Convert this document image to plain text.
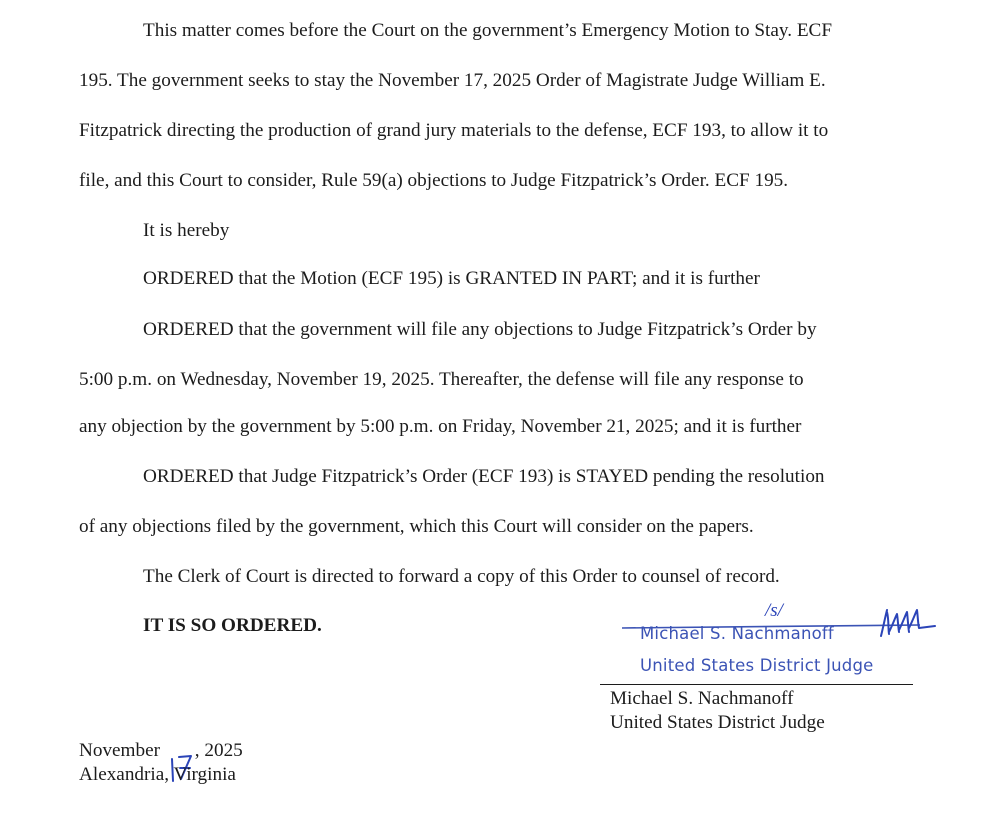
This matter comes before the Court on the government’s Emergency Motion to Stay. ECF
195. The government seeks to stay the November 17, 2025 Order of Magistrate Judge William E.
Fitzpatrick directing the production of grand jury materials to the defense, ECF 193, to allow it to
file, and this Court to consider, Rule 59(a) objections to Judge Fitzpatrick’s Order. ECF 195.
It is hereby
ORDERED that the Motion (ECF 195) is GRANTED IN PART; and it is further
ORDERED that the government will file any objections to Judge Fitzpatrick’s Order by
5:00 p.m. on Wednesday, November 19, 2025. Thereafter, the defense will file any response to
any objection by the government by 5:00 p.m. on Friday, November 21, 2025; and it is further
ORDERED that Judge Fitzpatrick’s Order (ECF 193) is STAYED pending the resolution
of any objections filed by the government, which this Court will consider on the papers.
The Clerk of Court is directed to forward a copy of this Order to counsel of record.
IT IS SO ORDERED.
/s/
Michael S. Nachmanoff
United States District Judge
Michael S. Nachmanoff
United States District Judge
November , 2025
Alexandria, Virginia
